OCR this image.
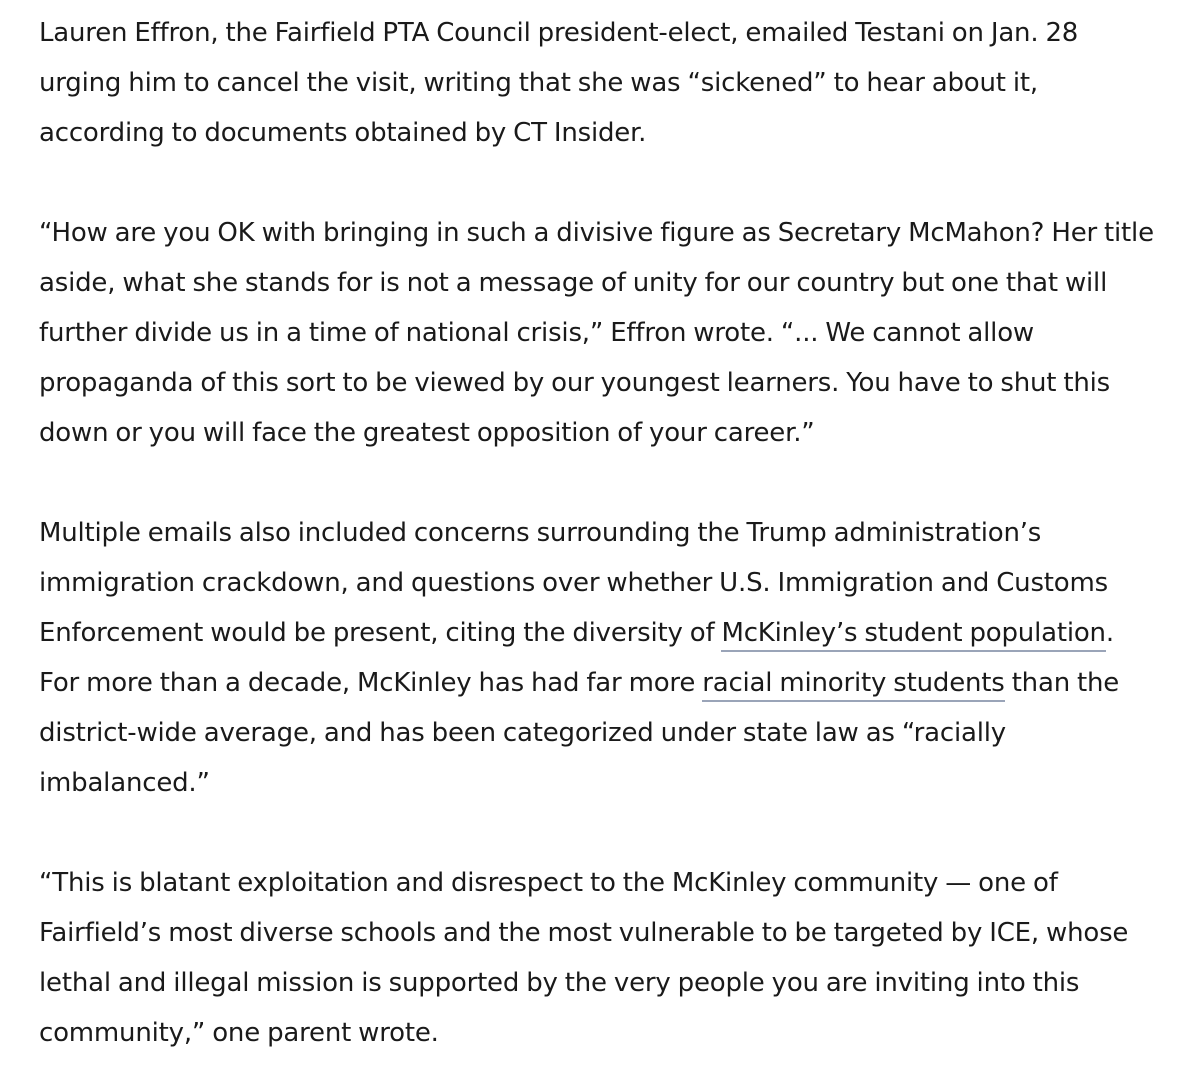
Lauren Effron, the Fairfield PTA Council president-elect, emailed Testani on Jan. 28 urging him to cancel the visit, writing that she was “sickened” to hear about it, according to documents obtained by CT Insider.

“How are you OK with bringing in such a divisive figure as Secretary McMahon? Her title aside, what she stands for is not a message of unity for our country but one that will further divide us in a time of national crisis,” Effron wrote. “... We cannot allow propaganda of this sort to be viewed by our youngest learners. You have to shut this down or you will face the greatest opposition of your career.”

Multiple emails also included concerns surrounding the Trump administration’s immigration crackdown, and questions over whether U.S. Immigration and Customs Enforcement would be present, citing the diversity of McKinley’s student population. For more than a decade, McKinley has had far more racial minority students than the district-wide average, and has been categorized under state law as “racially imbalanced.”

“This is blatant exploitation and disrespect to the McKinley community — one of Fairfield’s most diverse schools and the most vulnerable to be targeted by ICE, whose lethal and illegal mission is supported by the very people you are inviting into this community,” one parent wrote.
